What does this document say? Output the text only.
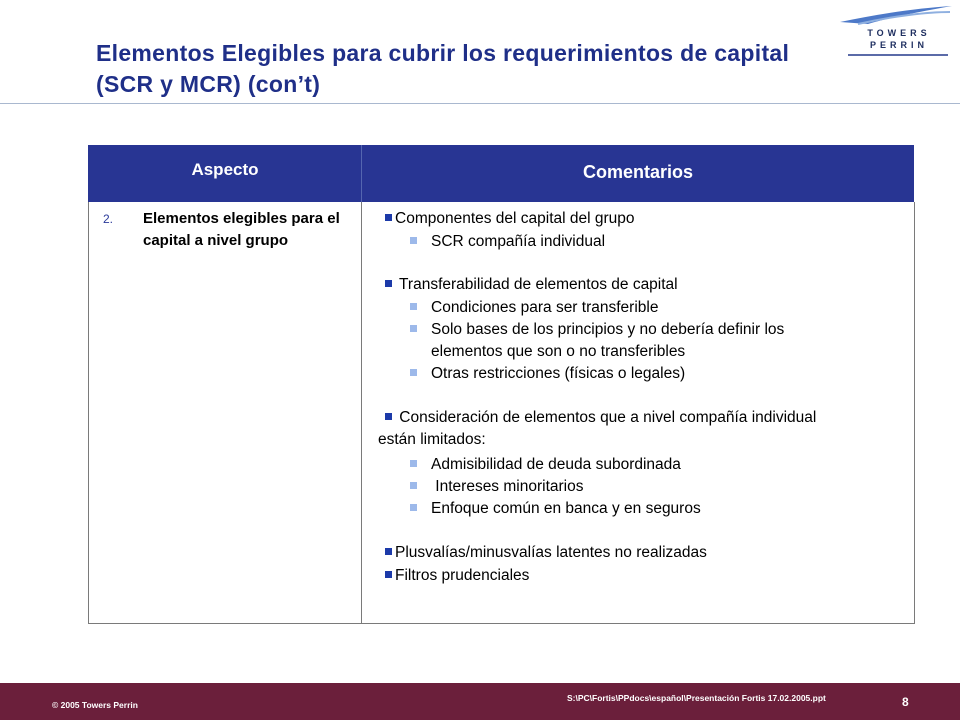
Elementos Elegibles para cubrir los requerimientos de capital
(SCR y MCR) (con’t)
TOWERS
PERRIN
Aspecto	Comentarios
2. Elementos elegibles para el capital a nivel grupo
Componentes del capital del grupo
SCR compañía individual
Transferabilidad de elementos de capital
Condiciones para ser transferible
Solo bases de los principios y no debería definir los
elementos que son o no transferibles
Otras restricciones (físicas o legales)
Consideración de elementos que a nivel compañía individual
están limitados:
Admisibilidad de deuda subordinada
Intereses minoritarios
Enfoque común en banca y en seguros
Plusvalías/minusvalías latentes no realizadas
Filtros prudenciales
© 2005 Towers Perrin
S:\PC\Fortis\PPdocs\español\Presentación Fortis 17.02.2005.ppt	8
